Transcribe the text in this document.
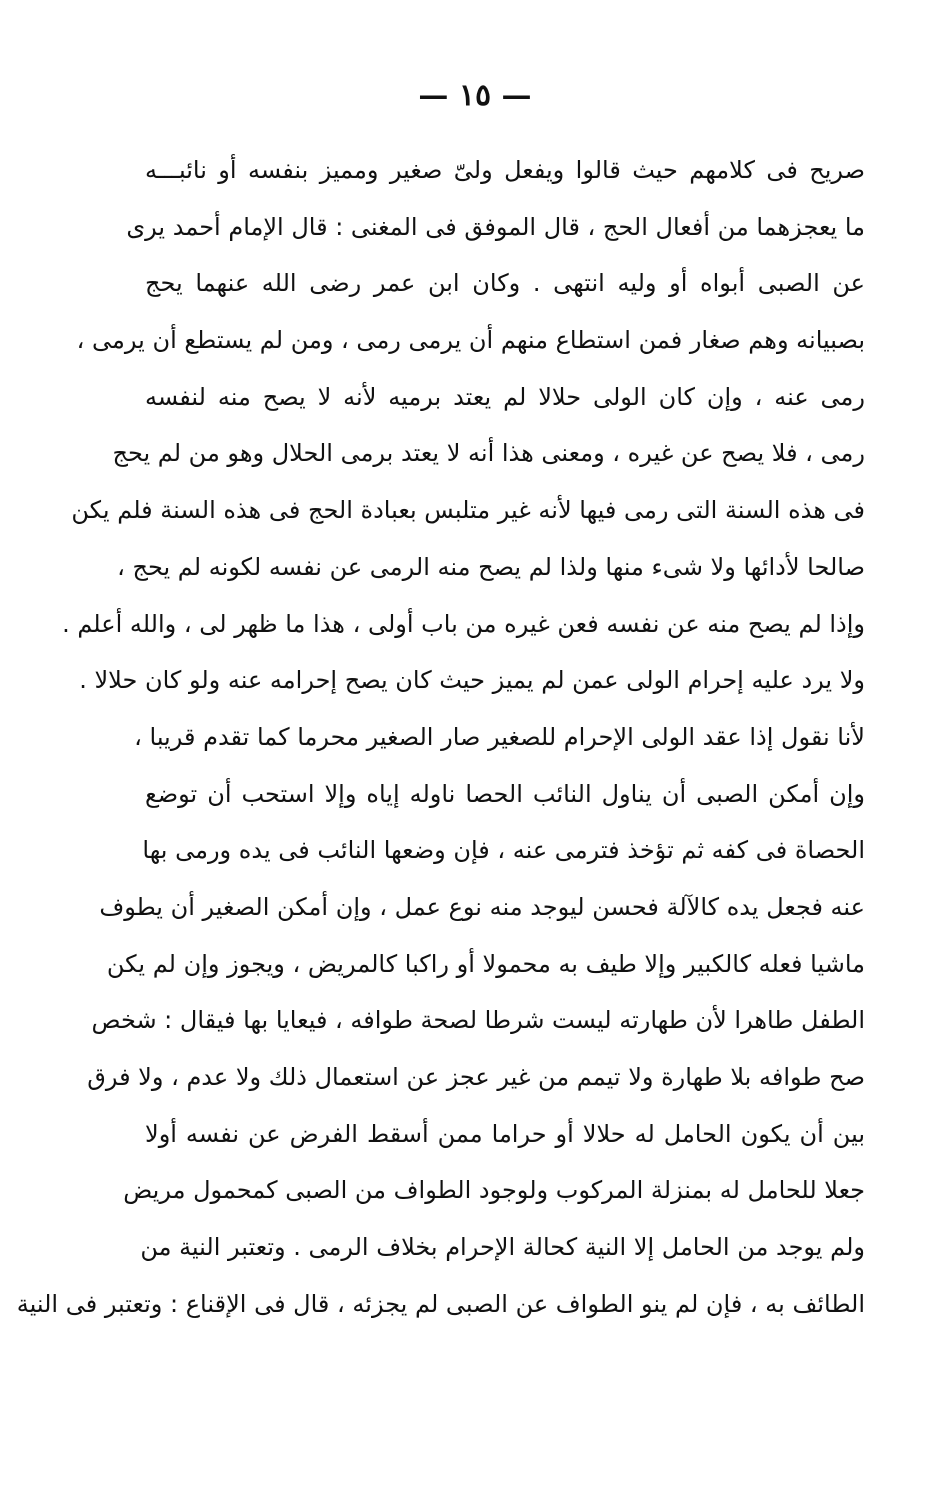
— ١٥ —
صريح فى كلامهم حيث قالوا ويفعل ولىّ صغير ومميز بنفسه أو نائبـــه
ما يعجزهما من أفعال الحج ، قال الموفق فى المغنى : قال الإمام أحمد يرى
عن الصبى أبواه أو وليه انتهى . وكان ابن عمر رضى الله عنهما يحج
بصبيانه وهم صغار فمن استطاع منهم أن يرمى رمى ، ومن لم يستطع أن يرمى ،
رمى عنه ، وإن كان الولى حلالا لم يعتد برميه لأنه لا يصح منه لنفسه
رمى ، فلا يصح عن غيره ، ومعنى هذا أنه لا يعتد برمى الحلال وهو من لم يحج
فى هذه السنة التى رمى فيها لأنه غير متلبس بعبادة الحج فى هذه السنة فلم يكن
صالحا لأدائها ولا شىء منها ولذا لم يصح منه الرمى عن نفسه لكونه لم يحج ،
وإذا لم يصح منه عن نفسه فعن غيره من باب أولى ، هذا ما ظهر لى ، والله أعلم .
ولا يرد عليه إحرام الولى عمن لم يميز حيث كان يصح إحرامه عنه ولو كان حلالا .
لأنا نقول إذا عقد الولى الإحرام للصغير صار الصغير محرما كما تقدم قريبا ،
وإن أمكن الصبى أن يناول النائب الحصا ناوله إياه وإلا استحب أن توضع
الحصاة فى كفه ثم تؤخذ فترمى عنه ، فإن وضعها النائب فى يده ورمى بها
عنه فجعل يده كالآلة فحسن ليوجد منه نوع عمل ، وإن أمكن الصغير أن يطوف
ماشيا فعله كالكبير وإلا طيف به محمولا أو راكبا كالمريض ، ويجوز وإن لم يكن
الطفل طاهرا لأن طهارته ليست شرطا لصحة طوافه ، فيعايا بها فيقال : شخص
صح طوافه بلا طهارة ولا تيمم من غير عجز عن استعمال ذلك ولا عدم ، ولا فرق
بين أن يكون الحامل له حلالا أو حراما ممن أسقط الفرض عن نفسه أولا
جعلا للحامل له بمنزلة المركوب ولوجود الطواف من الصبى كمحمول مريض
ولم يوجد من الحامل إلا النية كحالة الإحرام بخلاف الرمى . وتعتبر النية من
الطائف به ، فإن لم ينو الطواف عن الصبى لم يجزئه ، قال فى الإقناع : وتعتبر فى النية
